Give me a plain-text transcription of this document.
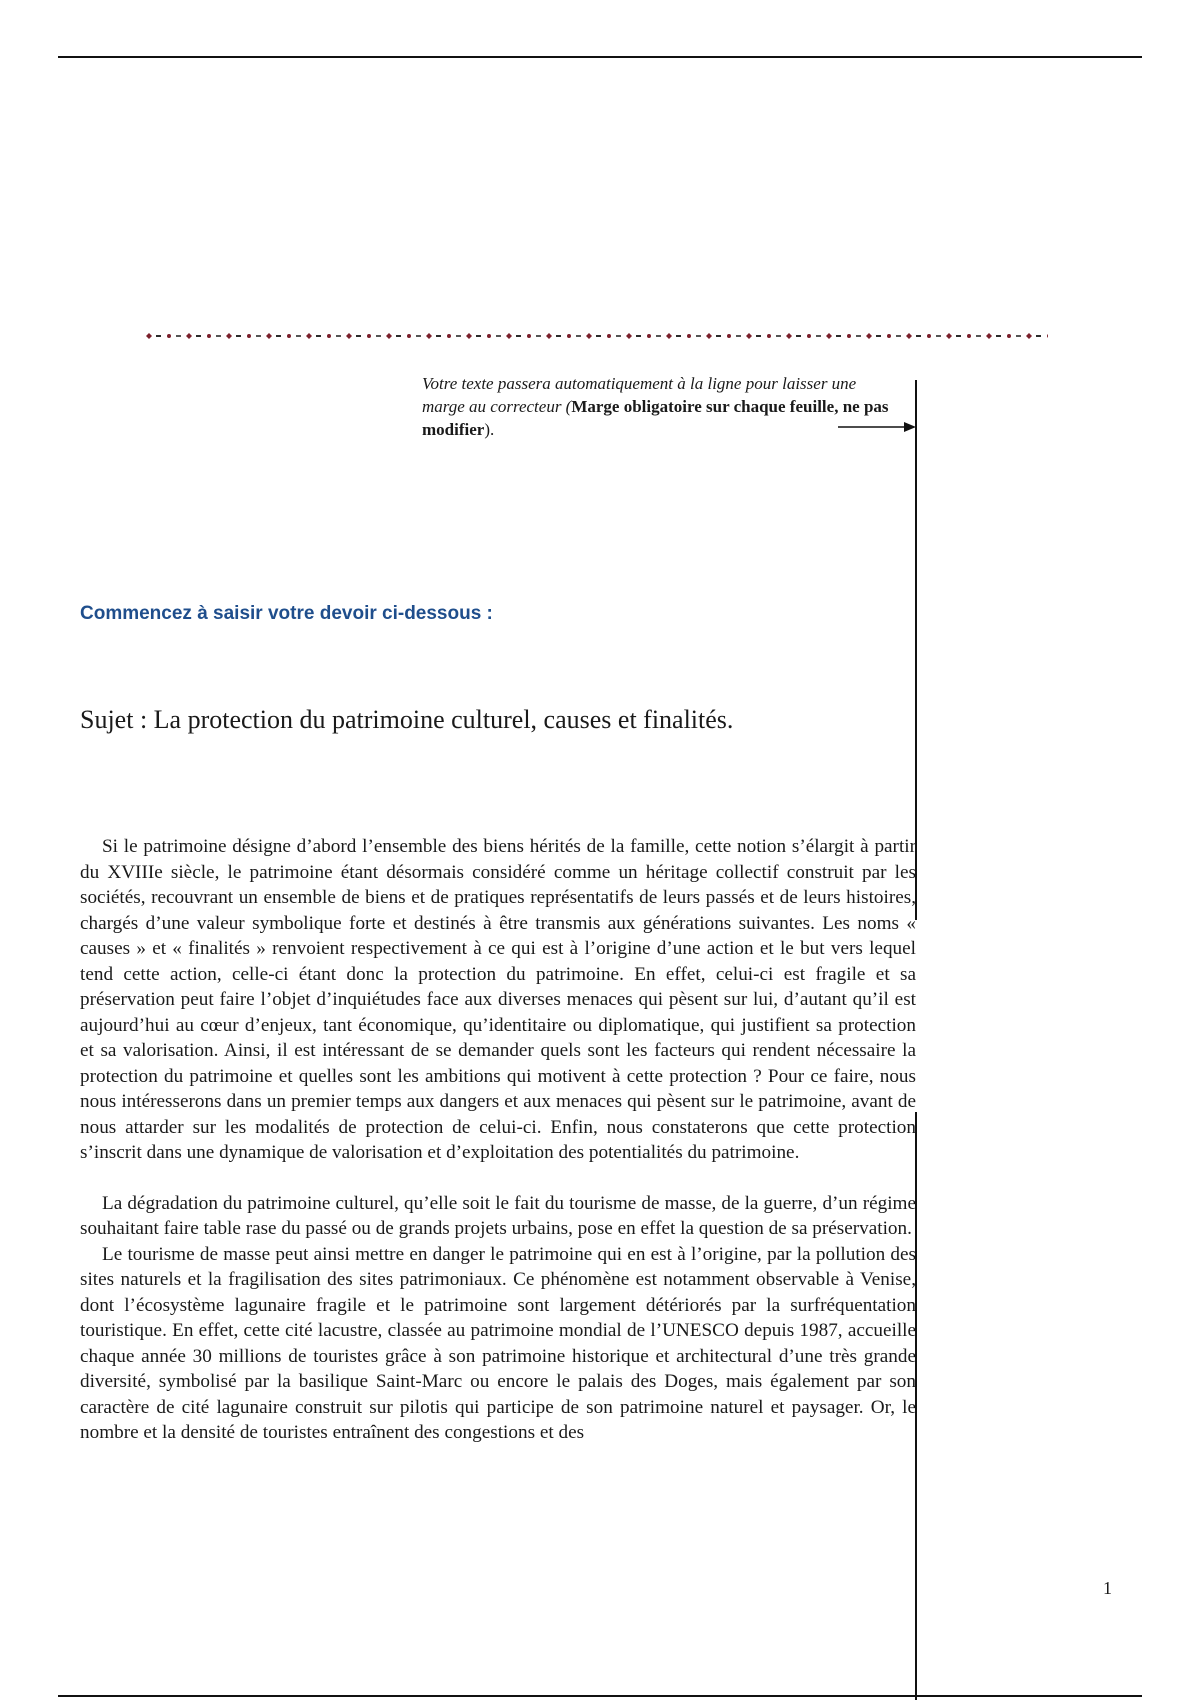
Votre texte passera automatiquement à la ligne pour laisser une marge au correcteur (Marge obligatoire sur chaque feuille, ne pas modifier).
Commencez à saisir votre devoir ci-dessous :
Sujet : La protection du patrimoine culturel, causes et finalités.

Si le patrimoine désigne d’abord l’ensemble des biens hérités de la famille, cette notion s’élargit à partir du XVIIIe siècle, le patrimoine étant désormais considéré comme un héritage collectif construit par les sociétés, recouvrant un ensemble de biens et de pratiques représentatifs de leurs passés et de leurs histoires, chargés d’une valeur symbolique forte et destinés à être transmis aux générations suivantes. Les noms « causes » et « finalités » renvoient respectivement à ce qui est à l’origine d’une action et le but vers lequel tend cette action, celle-ci étant donc la protection du patrimoine. En effet, celui-ci est fragile et sa préservation peut faire l’objet d’inquiétudes face aux diverses menaces qui pèsent sur lui, d’autant qu’il est aujourd’hui au cœur d’enjeux, tant économique, qu’identitaire ou diplomatique, qui justifient sa protection et sa valorisation. Ainsi, il est intéressant de se demander quels sont les facteurs qui rendent nécessaire la protection du patrimoine et quelles sont les ambitions qui motivent à cette protection ? Pour ce faire, nous nous intéresserons dans un premier temps aux dangers et aux menaces qui pèsent sur le patrimoine, avant de nous attarder sur les modalités de protection de celui-ci. Enfin, nous constaterons que cette protection s’inscrit dans une dynamique de valorisation et d’exploitation des potentialités du patrimoine.

La dégradation du patrimoine culturel, qu’elle soit le fait du tourisme de masse, de la guerre, d’un régime souhaitant faire table rase du passé ou de grands projets urbains, pose en effet la question de sa préservation.

Le tourisme de masse peut ainsi mettre en danger le patrimoine qui en est à l’origine, par la pollution des sites naturels et la fragilisation des sites patrimoniaux. Ce phénomène est notamment observable à Venise, dont l’écosystème lagunaire fragile et le patrimoine sont largement détériorés par la surfréquentation touristique. En effet, cette cité lacustre, classée au patrimoine mondial de l’UNESCO depuis 1987, accueille chaque année 30 millions de touristes grâce à son patrimoine historique et architectural d’une très grande diversité, symbolisé par la basilique Saint-Marc ou encore le palais des Doges, mais également par son caractère de cité lagunaire construit sur pilotis qui participe de son patrimoine naturel et paysager. Or, le nombre et la densité de touristes entraînent des congestions et des

1
